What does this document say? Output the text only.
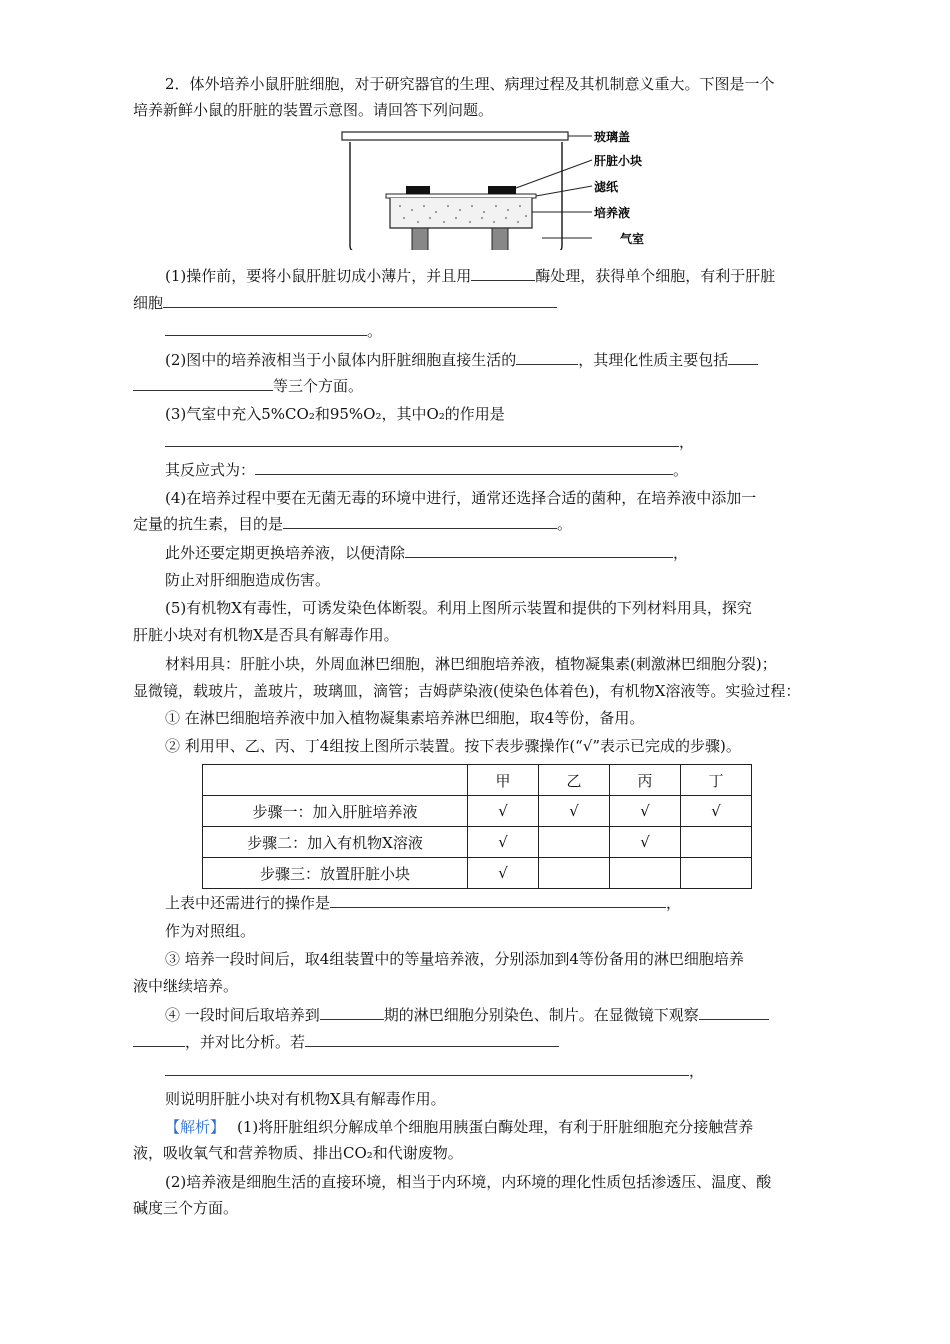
2．体外培养小鼠肝脏细胞，对于研究器官的生理、病理过程及其机制意义重大。下图是一个
培养新鲜小鼠的肝脏的装置示意图。请回答下列问题。
玻璃盖
肝脏小块
滤纸
培养液
气室
(1)操作前，要将小鼠肝脏切成小薄片，并且用	酶处理，获得单个细胞，有利于肝脏
细胞
。
(2)图中的培养液相当于小鼠体内肝脏细胞直接生活的	，其理化性质主要包括
等三个方面。
(3)气室中充入5%CO₂和95%O₂，其中O₂的作用是
，
其反应式为：	。
(4)在培养过程中要在无菌无毒的环境中进行，通常还选择合适的菌种，在培养液中添加一
定量的抗生素，目的是	。
此外还要定期更换培养液，以便清除	，
防止对肝细胞造成伤害。
(5)有机物X有毒性，可诱发染色体断裂。利用上图所示装置和提供的下列材料用具，探究
肝脏小块对有机物X是否具有解毒作用。
材料用具：肝脏小块，外周血淋巴细胞，淋巴细胞培养液，植物凝集素(刺激淋巴细胞分裂)；
显微镜，载玻片，盖玻片，玻璃皿，滴管；吉姆萨染液(使染色体着色)，有机物X溶液等。实验过程：
① 在淋巴细胞培养液中加入植物凝集素培养淋巴细胞，取4等份，备用。
② 利用甲、乙、丙、丁4组按上图所示装置。按下表步骤操作(“√”表示已完成的步骤)。
	甲	乙	丙	丁
步骤一：加入肝脏培养液	√	√	√	√
步骤二：加入有机物X溶液	√		√	
步骤三：放置肝脏小块	√			
上表中还需进行的操作是	，
作为对照组。
③ 培养一段时间后，取4组装置中的等量培养液，分别添加到4等份备用的淋巴细胞培养
液中继续培养。
④ 一段时间后取培养到	期的淋巴细胞分别染色、制片。在显微镜下观察
，并对比分析。若
，
则说明肝脏小块对有机物X具有解毒作用。
【解析】 (1)将肝脏组织分解成单个细胞用胰蛋白酶处理，有利于肝脏细胞充分接触营养
液，吸收氧气和营养物质、排出CO₂和代谢废物。
(2)培养液是细胞生活的直接环境，相当于内环境，内环境的理化性质包括渗透压、温度、酸
碱度三个方面。
